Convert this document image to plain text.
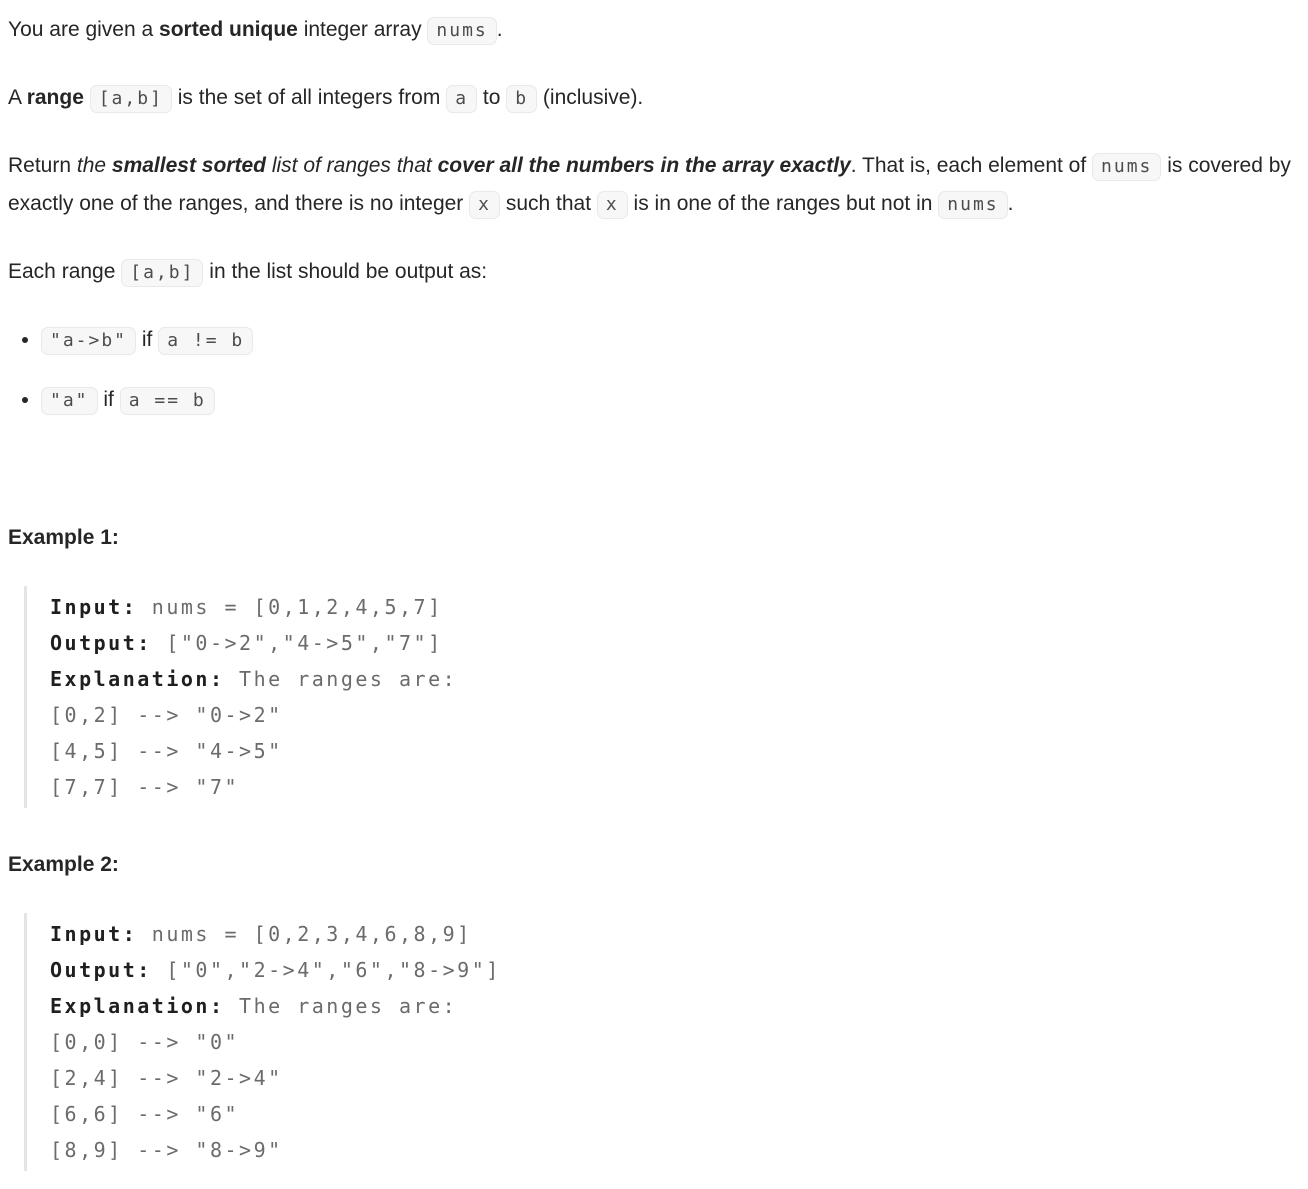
You are given a sorted unique integer array nums .

A range [a,b] is the set of all integers from a to b (inclusive).

Return the smallest sorted list of ranges that cover all the numbers in the array exactly. That is, each element of nums is covered by exactly one of the ranges, and there is no integer x such that x is in one of the ranges but not in nums .

Each range [a,b] in the list should be output as:

• "a->b" if a != b
• "a" if a == b

Example 1:

Input: nums = [0,1,2,4,5,7]
Output: ["0->2","4->5","7"]
Explanation: The ranges are:
[0,2] --> "0->2"
[4,5] --> "4->5"
[7,7] --> "7"

Example 2:

Input: nums = [0,2,3,4,6,8,9]
Output: ["0","2->4","6","8->9"]
Explanation: The ranges are:
[0,0] --> "0"
[2,4] --> "2->4"
[6,6] --> "6"
[8,9] --> "8->9"
